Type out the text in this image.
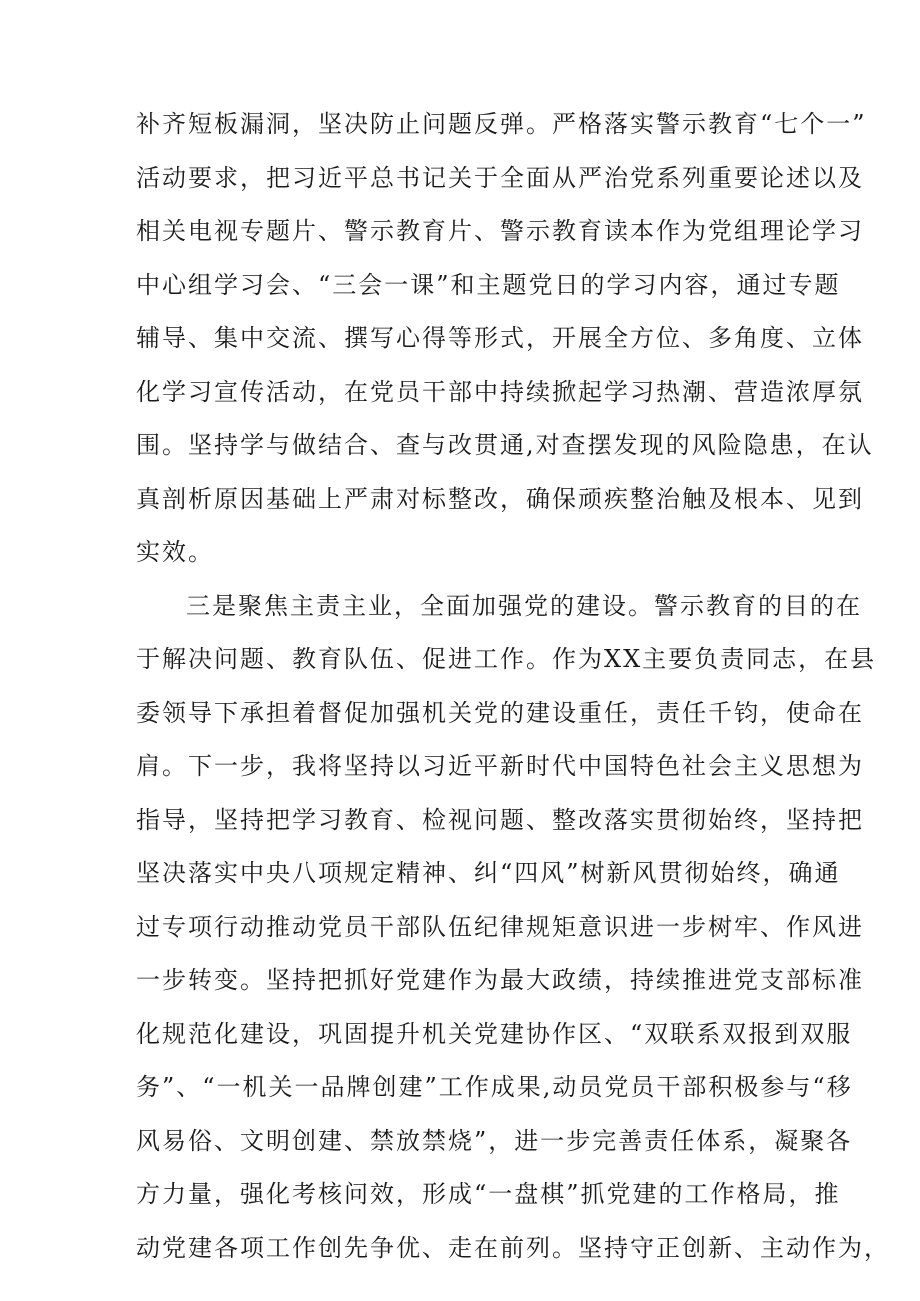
补齐短板漏洞，坚决防止问题反弹。严格落实警示教育“七个一”
活动要求，把习近平总书记关于全面从严治党系列重要论述以及
相关电视专题片、警示教育片、警示教育读本作为党组理论学习
中心组学习会、“三会一课”和主题党日的学习内容，通过专题
辅导、集中交流、撰写心得等形式，开展全方位、多角度、立体
化学习宣传活动，在党员干部中持续掀起学习热潮、营造浓厚氛
围。坚持学与做结合、查与改贯通,对查摆发现的风险隐患，在认
真剖析原因基础上严肃对标整改，确保顽疾整治触及根本、见到
实效。
三是聚焦主责主业，全面加强党的建设。警示教育的目的在
于解决问题、教育队伍、促进工作。作为XX主要负责同志，在县
委领导下承担着督促加强机关党的建设重任，责任千钧，使命在
肩。下一步，我将坚持以习近平新时代中国特色社会主义思想为
指导，坚持把学习教育、检视问题、整改落实贯彻始终，坚持把
坚决落实中央八项规定精神、纠“四风”树新风贯彻始终，确通
过专项行动推动党员干部队伍纪律规矩意识进一步树牢、作风进
一步转变。坚持把抓好党建作为最大政绩，持续推进党支部标准
化规范化建设，巩固提升机关党建协作区、“双联系双报到双服
务”、“一机关一品牌创建”工作成果,动员党员干部积极参与“移
风易俗、文明创建、禁放禁烧”，进一步完善责任体系，凝聚各
方力量，强化考核问效，形成“一盘棋”抓党建的工作格局，推
动党建各项工作创先争优、走在前列。坚持守正创新、主动作为，
